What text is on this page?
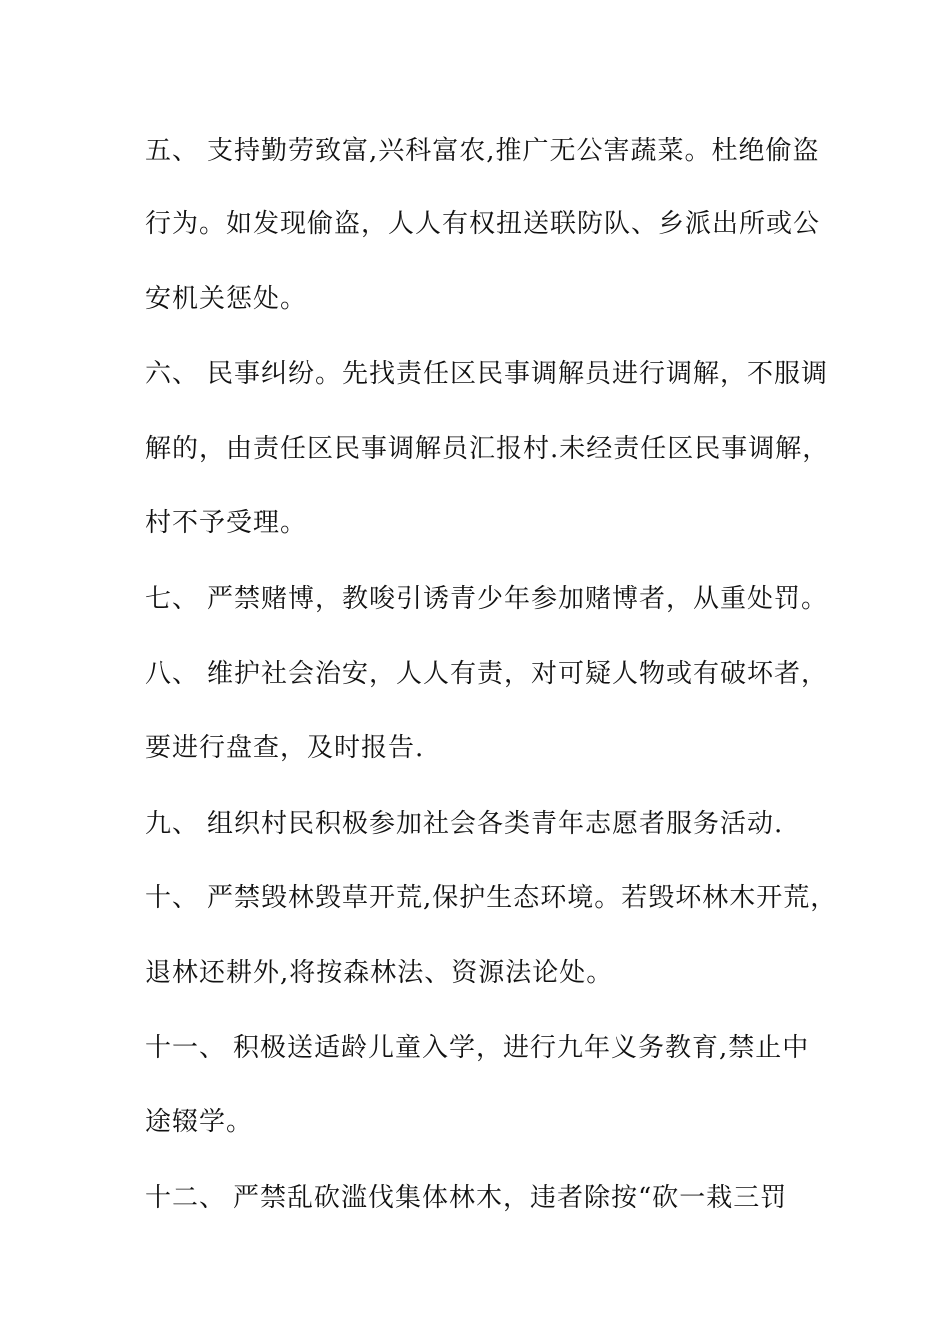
五、 支持勤劳致富,兴科富农,推广无公害蔬菜。杜绝偷盗
行为。如发现偷盗，人人有权扭送联防队、乡派出所或公
安机关惩处。
六、 民事纠纷。先找责任区民事调解员进行调解，不服调
解的，由责任区民事调解员汇报村.未经责任区民事调解，
村不予受理。
七、 严禁赌博，教唆引诱青少年参加赌博者，从重处罚。
八、 维护社会治安，人人有责，对可疑人物或有破坏者，
要进行盘查，及时报告.
九、 组织村民积极参加社会各类青年志愿者服务活动.
十、 严禁毁林毁草开荒,保护生态环境。若毁坏林木开荒，
退林还耕外,将按森林法、资源法论处。
十一、 积极送适龄儿童入学，进行九年义务教育,禁止中
途辍学。
十二、 严禁乱砍滥伐集体林木，违者除按“砍一栽三罚
